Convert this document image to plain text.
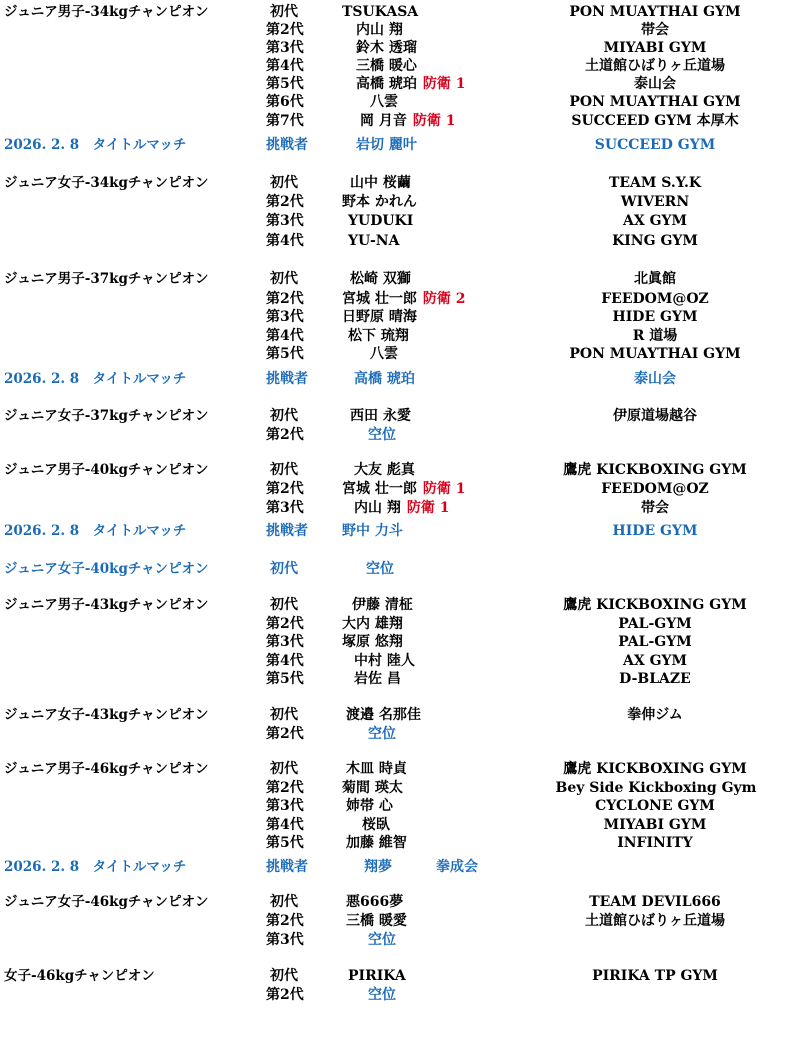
ジュニア男子-34kgチャンピオン	初代	TSUKASA	PON MUAYTHAI GYM
第2代	内山 翔	帯会
第3代	鈴木 透瑠	MIYABI GYM
第4代	三橋 暖心	土道館ひばりヶ丘道場
第5代	高橋 琥珀 防衛 1	泰山会
第6代	八雲	PON MUAYTHAI GYM
第7代	岡 月音 防衛 1	SUCCEED GYM 本厚木
2026. 2. 8　タイトルマッチ	挑戦者	岩切 麗叶	SUCCEED GYM
ジュニア女子-34kgチャンピオン	初代	山中 桜繭	TEAM S.Y.K
第2代	野本 かれん	WIVERN
第3代	YUDUKI	AX GYM
第4代	YU-NA	KING GYM
ジュニア男子-37kgチャンピオン	初代	松崎 双獅	北眞館
第2代	宮城 壮一郎 防衛 2	FEEDOM@OZ
第3代	日野原 晴海	HIDE GYM
第4代	松下 琉翔	R 道場
第5代	八雲	PON MUAYTHAI GYM
2026. 2. 8　タイトルマッチ	挑戦者	高橋 琥珀	泰山会
ジュニア女子-37kgチャンピオン	初代	西田 永愛	伊原道場越谷
第2代	空位
ジュニア男子-40kgチャンピオン	初代	大友 彪真	鷹虎 KICKBOXING GYM
第2代	宮城 壮一郎 防衛 1	FEEDOM@OZ
第3代	内山 翔 防衛 1	帯会
2026. 2. 8　タイトルマッチ	挑戦者 野中 力斗	HIDE GYM
ジュニア女子-40kgチャンピオン	初代	空位
ジュニア男子-43kgチャンピオン	初代	伊藤 清柾	鷹虎 KICKBOXING GYM
第2代	大内 雄翔	PAL-GYM
第3代	塚原 悠翔	PAL-GYM
第4代	中村 陸人	AX GYM
第5代	岩佐 昌	D-BLAZE
ジュニア女子-43kgチャンピオン	初代	渡邉 名那佳	拳伸ジム
第2代	空位
ジュニア男子-46kgチャンピオン	初代	木皿 時貞	鷹虎 KICKBOXING GYM
第2代	菊間 瑛太	Bey Side Kickboxing Gym
第3代	姉帯 心	CYCLONE GYM
第4代	桜臥	MIYABI GYM
第5代	加藤 維智	INFINITY
2026. 2. 8　タイトルマッチ	挑戦者	翔夢	拳成会
ジュニア女子-46kgチャンピオン	初代	悪666夢	TEAM DEVIL666
第2代	三橋 暖愛	土道館ひばりヶ丘道場
第3代	空位
女子-46kgチャンピオン	初代	PIRIKA	PIRIKA TP GYM
第2代	空位
